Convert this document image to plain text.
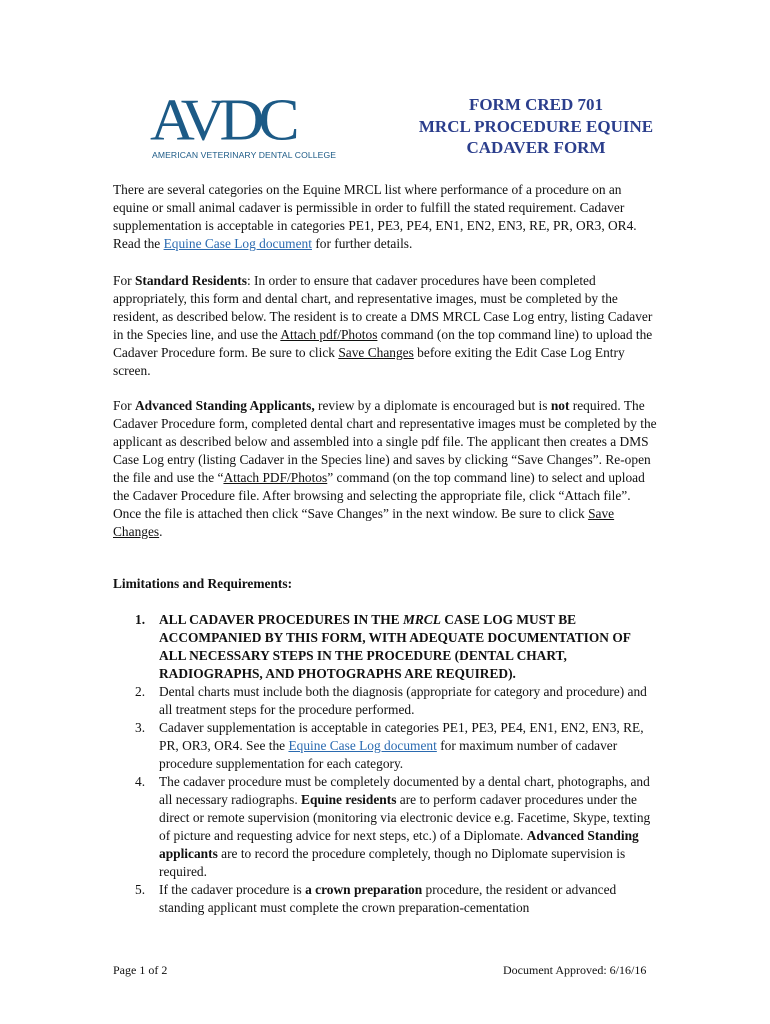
AVDC
AMERICAN VETERINARY DENTAL COLLEGE
FORM CRED 701
MRCL PROCEDURE EQUINE
CADAVER FORM

There are several categories on the Equine MRCL list where performance of a procedure on an equine or small animal cadaver is permissible in order to fulfill the stated requirement. Cadaver supplementation is acceptable in categories PE1, PE3, PE4, EN1, EN2, EN3, RE, PR, OR3, OR4. Read the Equine Case Log document for further details.

For Standard Residents: In order to ensure that cadaver procedures have been completed appropriately, this form and dental chart, and representative images, must be completed by the resident, as described below. The resident is to create a DMS MRCL Case Log entry, listing Cadaver in the Species line, and use the Attach pdf/Photos command (on the top command line) to upload the Cadaver Procedure form. Be sure to click Save Changes before exiting the Edit Case Log Entry screen.

For Advanced Standing Applicants, review by a diplomate is encouraged but is not required. The Cadaver Procedure form, completed dental chart and representative images must be completed by the applicant as described below and assembled into a single pdf file. The applicant then creates a DMS Case Log entry (listing Cadaver in the Species line) and saves by clicking “Save Changes”. Re-open the file and use the “Attach PDF/Photos” command (on the top command line) to select and upload the Cadaver Procedure file. After browsing and selecting the appropriate file, click “Attach file”. Once the file is attached then click “Save Changes” in the next window. Be sure to click Save Changes.

Limitations and Requirements:
1. ALL CADAVER PROCEDURES IN THE MRCL CASE LOG MUST BE ACCOMPANIED BY THIS FORM, WITH ADEQUATE DOCUMENTATION OF ALL NECESSARY STEPS IN THE PROCEDURE (DENTAL CHART, RADIOGRAPHS, AND PHOTOGRAPHS ARE REQUIRED).
2. Dental charts must include both the diagnosis (appropriate for category and procedure) and all treatment steps for the procedure performed.
3. Cadaver supplementation is acceptable in categories PE1, PE3, PE4, EN1, EN2, EN3, RE, PR, OR3, OR4. See the Equine Case Log document for maximum number of cadaver procedure supplementation for each category.
4. The cadaver procedure must be completely documented by a dental chart, photographs, and all necessary radiographs. Equine residents are to perform cadaver procedures under the direct or remote supervision (monitoring via electronic device e.g. Facetime, Skype, texting of picture and requesting advice for next steps, etc.) of a Diplomate. Advanced Standing applicants are to record the procedure completely, though no Diplomate supervision is required.
5. If the cadaver procedure is a crown preparation procedure, the resident or advanced standing applicant must complete the crown preparation-cementation
Page 1 of 2	Document Approved: 6/16/16
